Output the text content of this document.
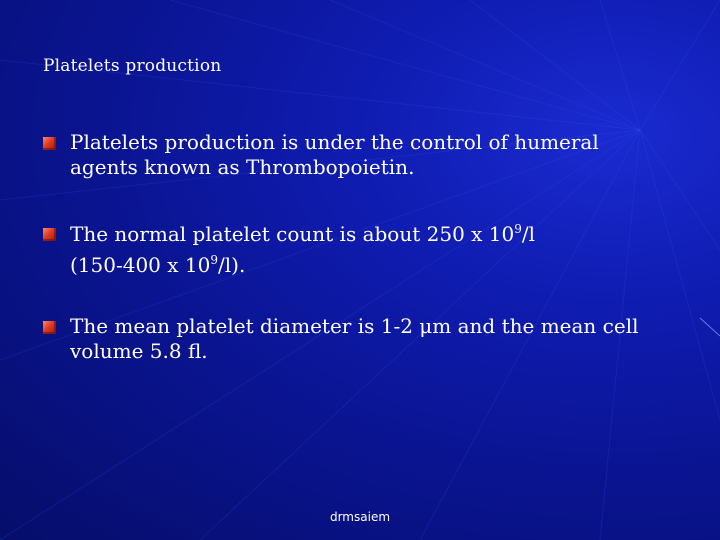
Platelets production
Platelets production is under the control of humeral
agents known as Thrombopoietin.
The normal platelet count is about 250 x $10^9/l$
(150-400 x $10^9/l$).
The mean platelet diameter is 1-2 μm and the mean cell
volume 5.8 fl.
drmsaiem
